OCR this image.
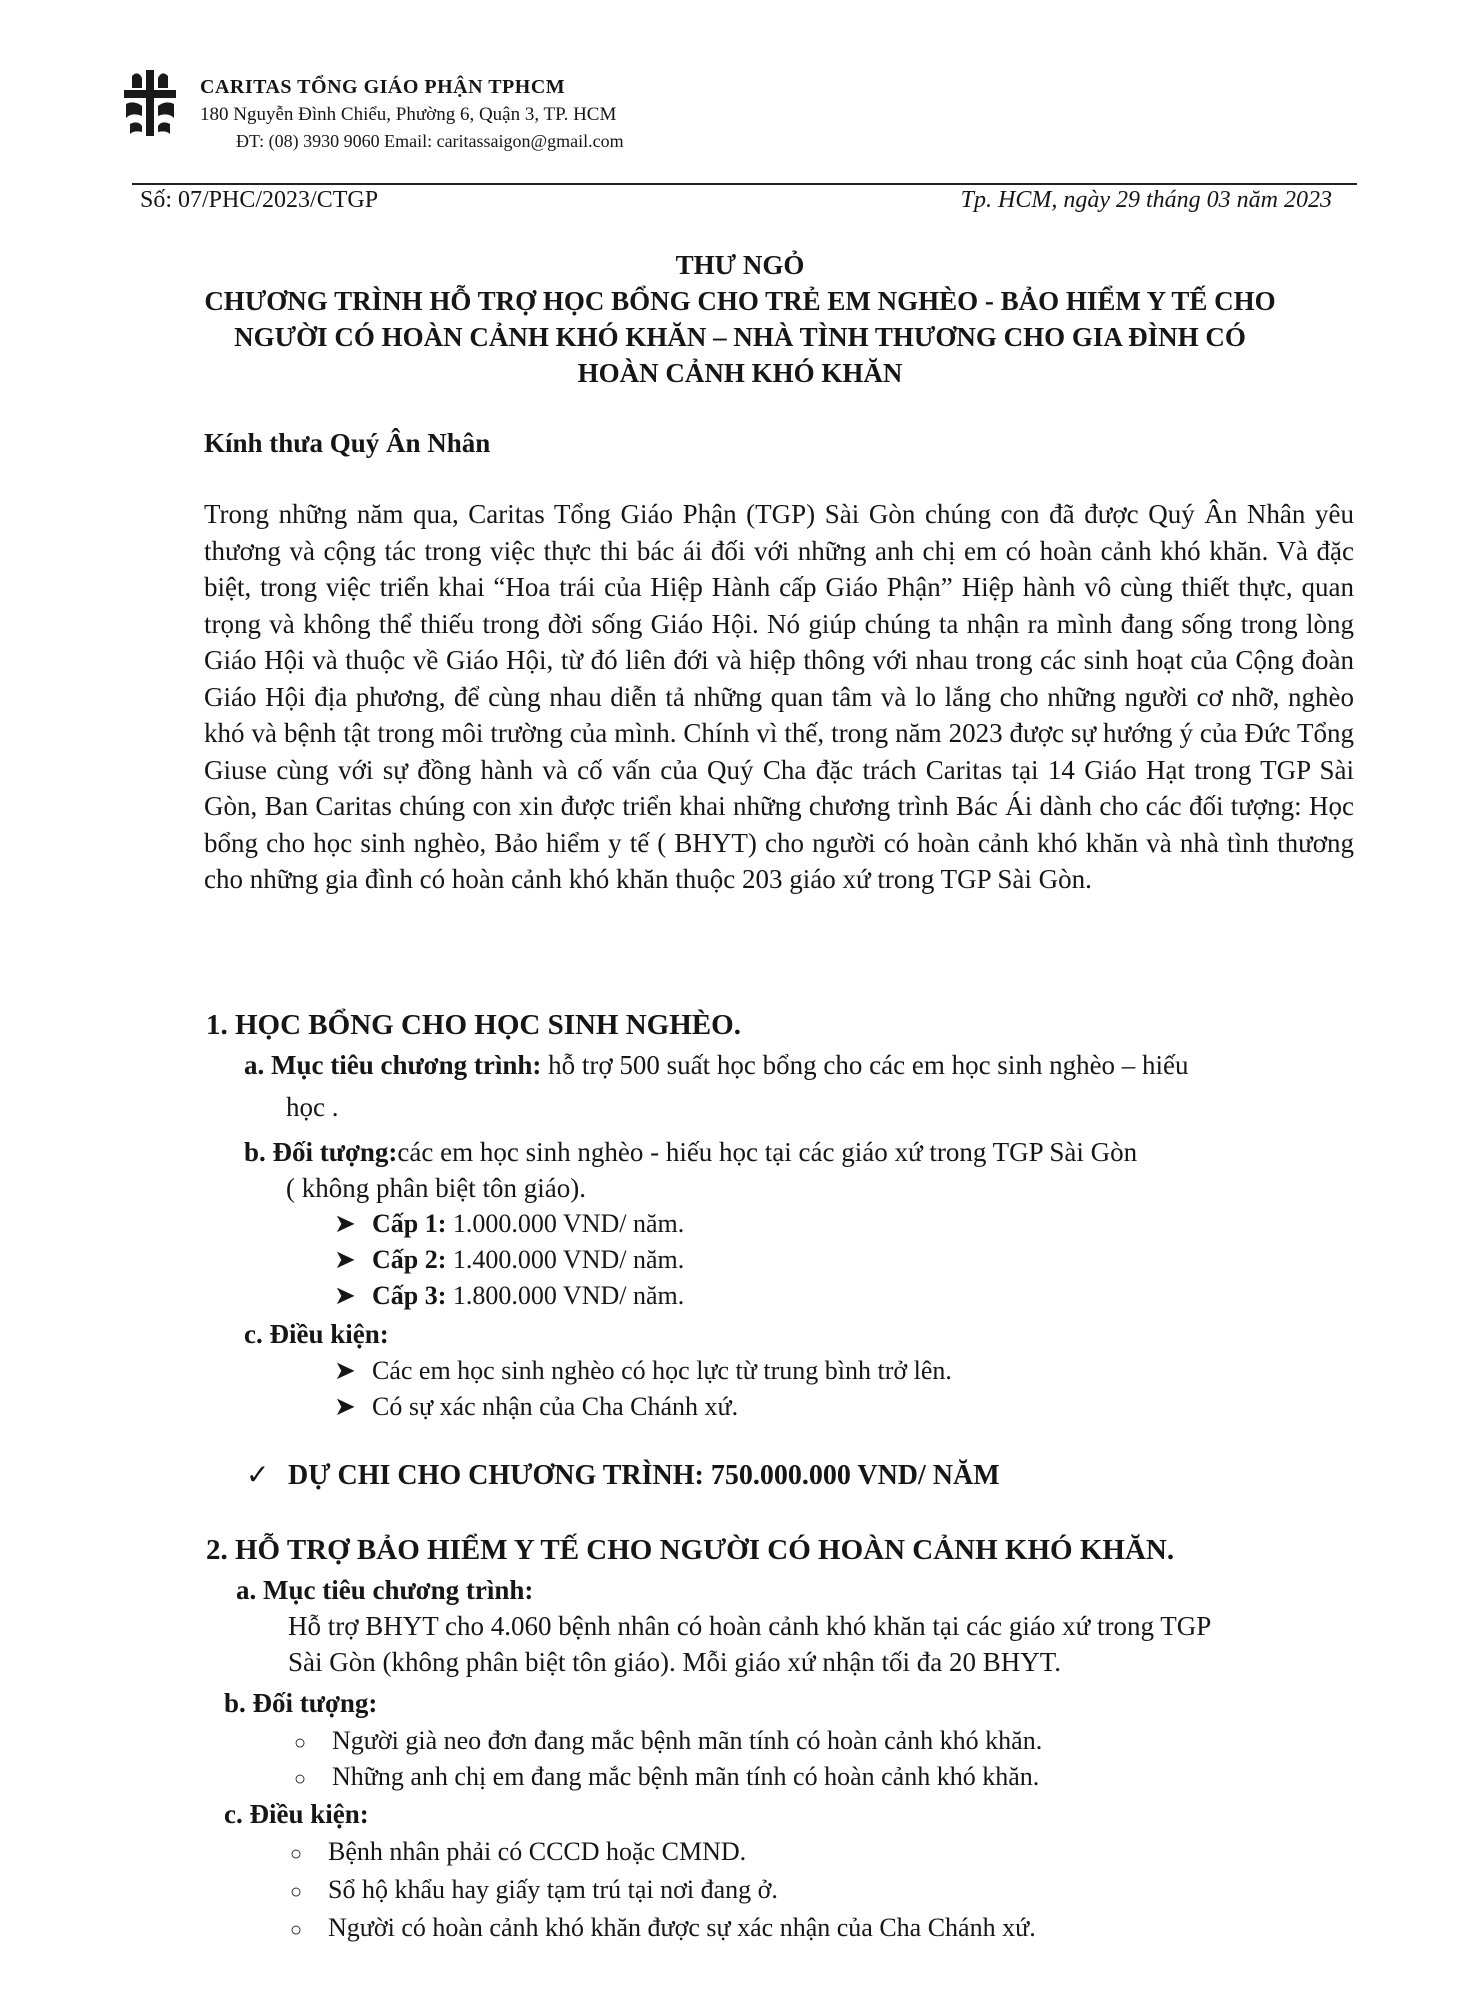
CARITAS TỔNG GIÁO PHẬN TPHCM
180 Nguyễn Đình Chiểu, Phường 6, Quận 3, TP. HCM
ĐT: (08) 3930 9060 Email: caritassaigon@gmail.com
Số: 07/PHC/2023/CTGP	Tp. HCM, ngày 29 tháng 03 năm 2023
THƯ NGỎ
CHƯƠNG TRÌNH HỖ TRỢ HỌC BỔNG CHO TRẺ EM NGHÈO - BẢO HIỂM Y TẾ CHO
NGƯỜI CÓ HOÀN CẢNH KHÓ KHĂN – NHÀ TÌNH THƯƠNG CHO GIA ĐÌNH CÓ
HOÀN CẢNH KHÓ KHĂN
Kính thưa Quý Ân Nhân

Trong những năm qua, Caritas Tổng Giáo Phận (TGP) Sài Gòn chúng con đã được Quý Ân Nhân yêu thương và cộng tác trong việc thực thi bác ái đối với những anh chị em có hoàn cảnh khó khăn. Và đặc biệt, trong việc triển khai “Hoa trái của Hiệp Hành cấp Giáo Phận” Hiệp hành vô cùng thiết thực, quan trọng và không thể thiếu trong đời sống Giáo Hội. Nó giúp chúng ta nhận ra mình đang sống trong lòng Giáo Hội và thuộc về Giáo Hội, từ đó liên đới và hiệp thông với nhau trong các sinh hoạt của Cộng đoàn Giáo Hội địa phương, để cùng nhau diễn tả những quan tâm và lo lắng cho những người cơ nhỡ, nghèo khó và bệnh tật trong môi trường của mình. Chính vì thế, trong năm 2023 được sự hướng ý của Đức Tổng Giuse cùng với sự đồng hành và cố vấn của Quý Cha đặc trách Caritas tại 14 Giáo Hạt trong TGP Sài Gòn, Ban Caritas chúng con xin được triển khai những chương trình Bác Ái dành cho các đối tượng: Học bổng cho học sinh nghèo, Bảo hiểm y tế ( BHYT) cho người có hoàn cảnh khó khăn và nhà tình thương cho những gia đình có hoàn cảnh khó khăn thuộc 203 giáo xứ trong TGP Sài Gòn.

1. HỌC BỔNG CHO HỌC SINH NGHÈO.
a. Mục tiêu chương trình: hỗ trợ 500 suất học bổng cho các em học sinh nghèo – hiếu
học .
b. Đối tượng:các em học sinh nghèo - hiếu học tại các giáo xứ trong TGP Sài Gòn
( không phân biệt tôn giáo).
➤ Cấp 1: 1.000.000 VND/ năm.
➤ Cấp 2: 1.400.000 VND/ năm.
➤ Cấp 3: 1.800.000 VND/ năm.
c. Điều kiện:
➤ Các em học sinh nghèo có học lực từ trung bình trở lên.
➤ Có sự xác nhận của Cha Chánh xứ.
✓ DỰ CHI CHO CHƯƠNG TRÌNH: 750.000.000 VND/ NĂM
2. HỖ TRỢ BẢO HIỂM Y TẾ CHO NGƯỜI CÓ HOÀN CẢNH KHÓ KHĂN.
a. Mục tiêu chương trình:
Hỗ trợ BHYT cho 4.060 bệnh nhân có hoàn cảnh khó khăn tại các giáo xứ trong TGP
Sài Gòn (không phân biệt tôn giáo). Mỗi giáo xứ nhận tối đa 20 BHYT.
b. Đối tượng:
○ Người già neo đơn đang mắc bệnh mãn tính có hoàn cảnh khó khăn.
○ Những anh chị em đang mắc bệnh mãn tính có hoàn cảnh khó khăn.
c. Điều kiện:
○ Bệnh nhân phải có CCCD hoặc CMND.
○ Sổ hộ khẩu hay giấy tạm trú tại nơi đang ở.
○ Người có hoàn cảnh khó khăn được sự xác nhận của Cha Chánh xứ.
